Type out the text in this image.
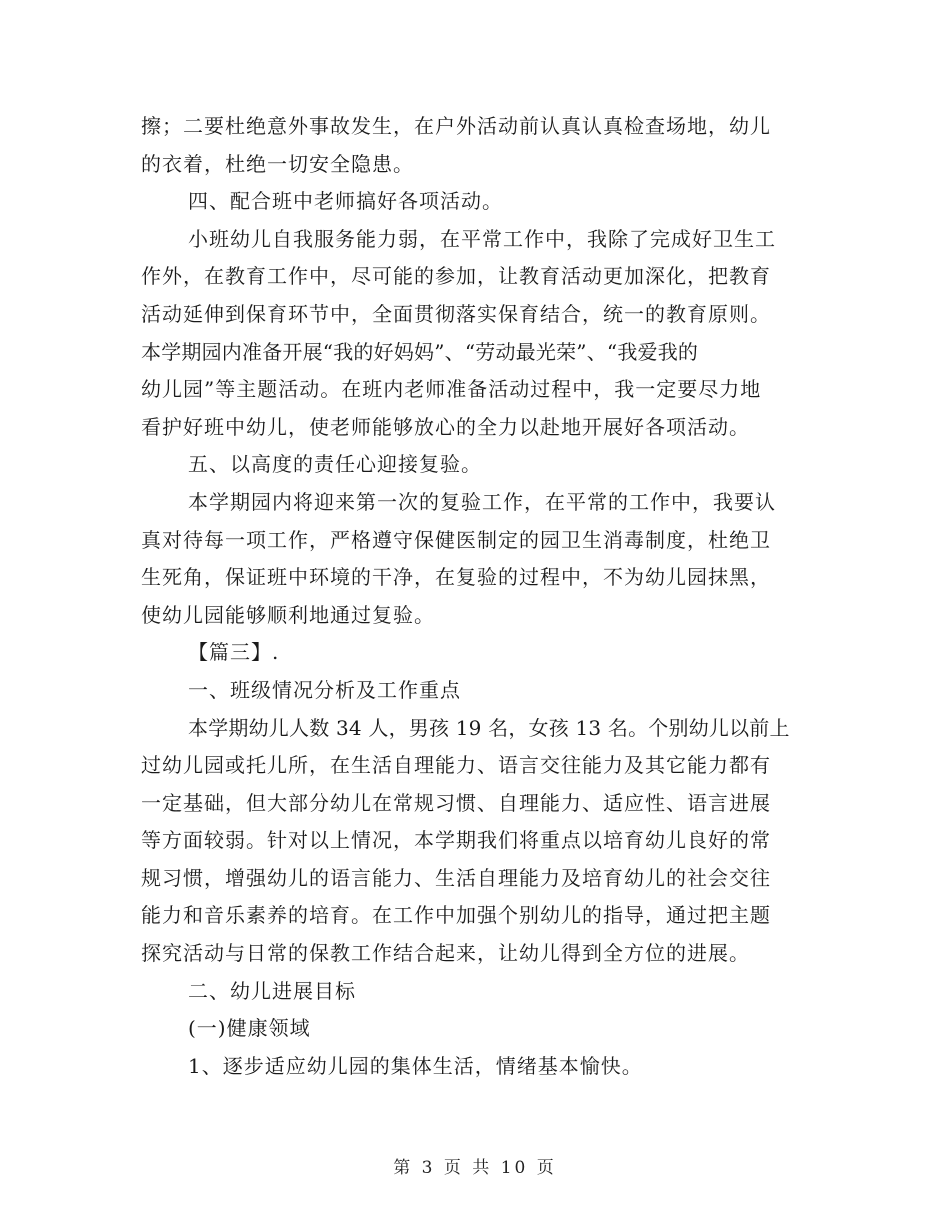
擦；二要杜绝意外事故发生，在户外活动前认真认真检查场地，幼儿
的衣着，杜绝一切安全隐患。
四、配合班中老师搞好各项活动。
小班幼儿自我服务能力弱，在平常工作中，我除了完成好卫生工
作外，在教育工作中，尽可能的参加，让教育活动更加深化，把教育
活动延伸到保育环节中，全面贯彻落实保育结合，统一的教育原则。
本学期园内准备开展“我的好妈妈”、“劳动最光荣”、“我爱我的
幼儿园”等主题活动。在班内老师准备活动过程中，我一定要尽力地
看护好班中幼儿，使老师能够放心的全力以赴地开展好各项活动。
五、以高度的责任心迎接复验。
本学期园内将迎来第一次的复验工作，在平常的工作中，我要认
真对待每一项工作，严格遵守保健医制定的园卫生消毒制度，杜绝卫
生死角，保证班中环境的干净，在复验的过程中，不为幼儿园抹黑，
使幼儿园能够顺利地通过复验。
【篇三】.
一、班级情况分析及工作重点
本学期幼儿人数 34 人，男孩 19 名，女孩 13 名。个别幼儿以前上
过幼儿园或托儿所，在生活自理能力、语言交往能力及其它能力都有
一定基础，但大部分幼儿在常规习惯、自理能力、适应性、语言进展
等方面较弱。针对以上情况，本学期我们将重点以培育幼儿良好的常
规习惯，增强幼儿的语言能力、生活自理能力及培育幼儿的社会交往
能力和音乐素养的培育。在工作中加强个别幼儿的指导，通过把主题
探究活动与日常的保教工作结合起来，让幼儿得到全方位的进展。
二、幼儿进展目标
(一)健康领域
1、逐步适应幼儿园的集体生活，情绪基本愉快。
第 3 页 共 10 页
